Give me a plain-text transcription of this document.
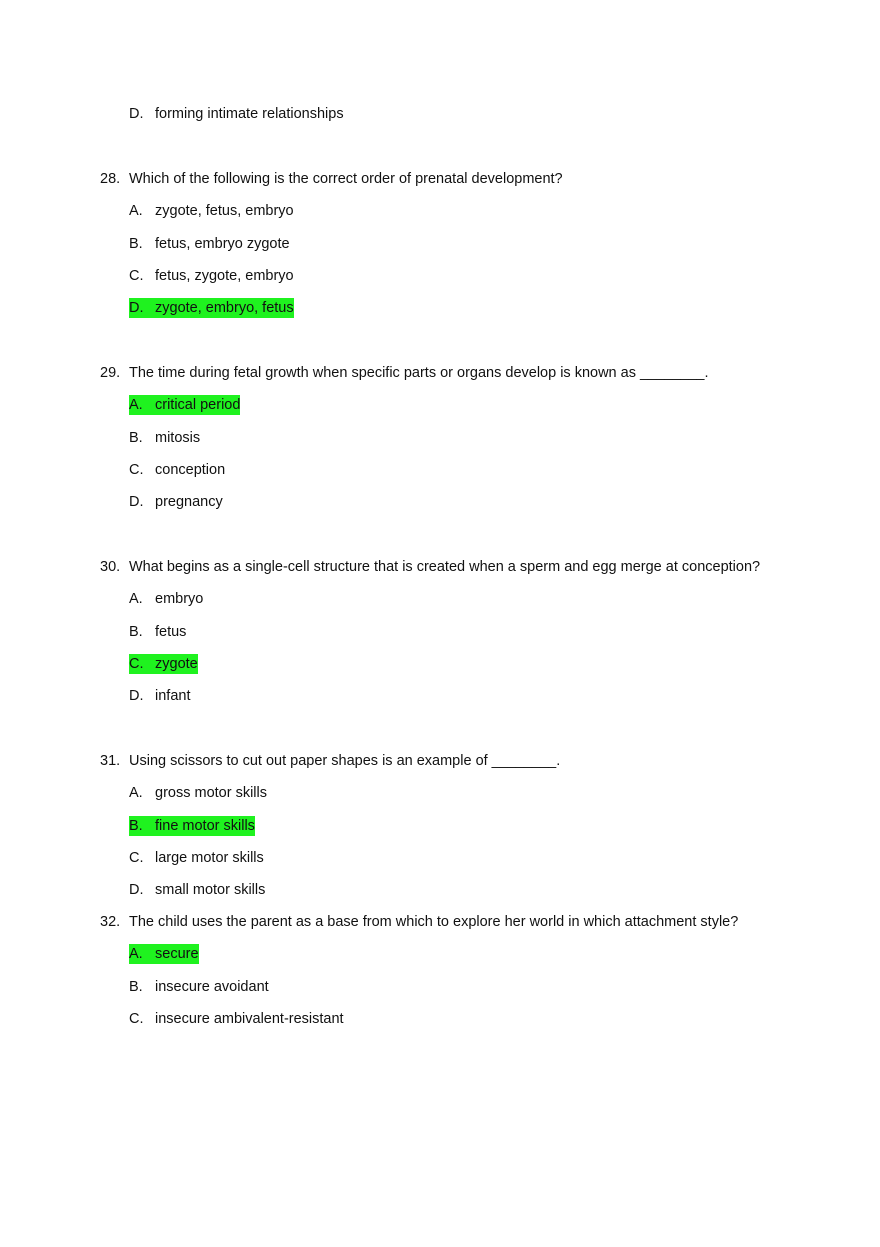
D. forming intimate relationships
28. Which of the following is the correct order of prenatal development?
A. zygote, fetus, embryo
B. fetus, embryo zygote
C. fetus, zygote, embryo
D. zygote, embryo, fetus
29. The time during fetal growth when specific parts or organs develop is known as ________.
A. critical period
B. mitosis
C. conception
D. pregnancy
30. What begins as a single-cell structure that is created when a sperm and egg merge at conception?
A. embryo
B. fetus
C. zygote
D. infant
31. Using scissors to cut out paper shapes is an example of ________.
A. gross motor skills
B. fine motor skills
C. large motor skills
D. small motor skills
32. The child uses the parent as a base from which to explore her world in which attachment style?
A. secure
B. insecure avoidant
C. insecure ambivalent-resistant
